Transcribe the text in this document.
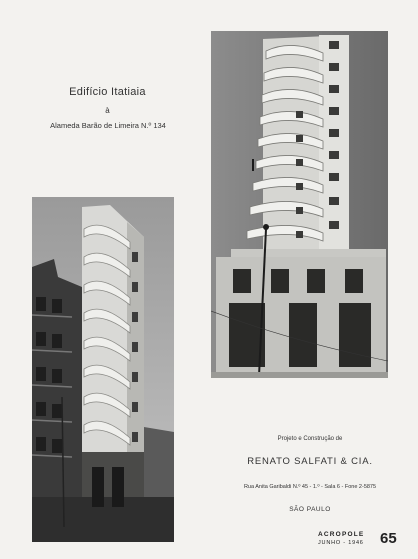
Edifício Itatiaia
à
Alameda Barão de Limeira N.º 134
Projeto e Construção de
RENATO SALFATI & CIA.
Rua Anita Garibaldi N.º 45 - 1.º - Sala 6 - Fone 2-5875
SÃO PAULO
ACROPOLE
JUNHO - 1946	65
